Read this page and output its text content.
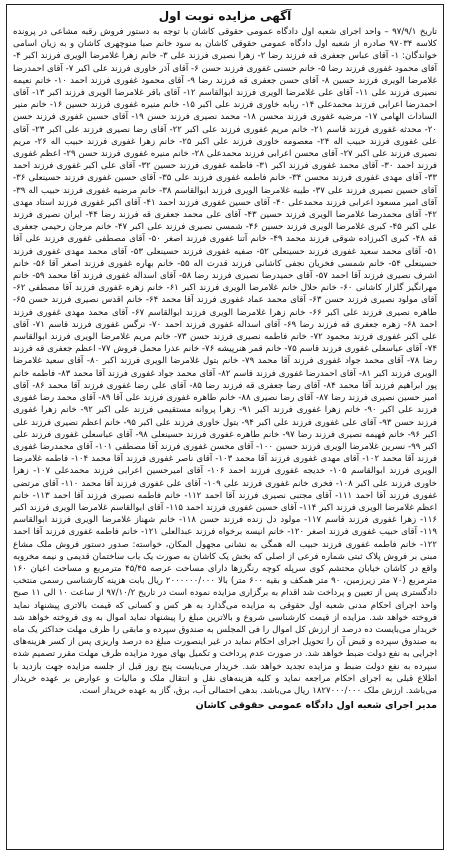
آگهی مزایده نوبت اول

تاریخ ۹۷/۹/۱ – واحد اجرای شعبه اول دادگاه عمومی حقوقی کاشان با توجه به دستور فروش رقبه مشاعی در پرونده کلاسه ۹۷۰۳۴ صادره از شعبه اول دادگاه عمومی حقوقی کاشان به سود خانم صبا منوچهری کاشان و به زیان اسامی خواندگان: ۱- آقای عباس جعفری قه فرزند رضا ۲- زهرا نصیری فرزند علی ۳- خانم زهرا غلامرضا الویری فرزند اکبر ۴- آقای محمود غفوری فرزند رضا ۵- خانم حسنی غفوری فرزند حسن ۶- آقای آذر خاوری فرزند علی اکبر ۷- آقای احمدرضا غلامرضا الویری فرزند حسین ۸- آقای حسن جعفری قه فرزند رضا ۹- آقای محمود غفوری فرزند احمد ۱۰- خانم نعیمه نصیری فرزند علی ۱۱- آقای علی غلامرضا الویری فرزند ابوالقاسم ۱۲- آقای باقر غلامرضا الویری فرزند اکبر ۱۳- آقای احمدرضا اعرابی فرزند محمدعلی ۱۴- ربابه خاوری فرزند علی اکبر ۱۵- خانم منیره غفوری فرزند حسین ۱۶- خانم منیر السادات الهامی ۱۷- مرضیه غفوری فرزند محسن ۱۸- محمد نصیری فرزند حسن ۱۹- آقای حسین غفوری فرزند حسن ۲۰- محدثه غفوری فرزند قاسم ۲۱- خانم مریم غفوری فرزند علی اکبر ۲۲- آقای رضا نصیری فرزند علی اکبر ۲۳- آقای علی غفوری فرزند حبیب اله ۲۴- معصومه خاوری فرزند علی اکبر ۲۵- خانم زهرا غفوری فرزند حبیب اله ۲۶- مریم نصیری فرزند علی اکبر ۲۷- آقای محسن اعرابی فرزند محمدعلی ۲۸- خانم منیره غفوری فرزند حسن ۲۹- اعظم غفوری فرزند احمد ۳۰- آقای محمد غفوری فرزند اکبر ۳۱- فاطمه غفوری فرزند حسین ۳۲- آقای علی اکبر غفوری فرزند احمد ۳۳- آقای مهدی غفوری فرزند محسن ۳۴- خانم فاطمه غفوری فرزند علی ۳۵- آقای حسین غفوری فرزند حسینعلی ۳۶- آقای حسین نصیری فرزند علی ۳۷- طیبه غلامرضا الویری فرزند ابوالقاسم ۳۸- خانم مرضیه غفوری فرزند حبیب اله ۳۹- آقای امیر مسعود اعرابی فرزند محمدعلی ۴۰- آقای حسین غفوری فرزند احمد ۴۱- آقای اکبر غفوری فرزند استاد مهدی ۴۲- آقای محمدرضا غلامرضا الویری فرزند حسین ۴۳- آقای علی محمد جعفری قه فرزند رضا ۴۴- ایران نصیری فرزند علی اکبر ۴۵- کبری غلامرضا الویری فرزند حسین ۴۶- شمسی نصیری فرزند علی اکبر ۴۷- خانم مرجان رحیمی جعفری قه ۴۸- کبری اکبرزاده شوقی فرزند محمد ۴۹- خانم آتنا غفوری فرزند اصغر ۵۰- آقای مصطفی غفوری فرزند علی آقا ۵۱- آقای محمد سعید غفوری فرزند حسینعلی ۵۲- صفیه غفوری فرزند حسینعلی ۵۳- آقای محمد مهدی غفوری فرزند حسینعلی ۵۴- خانم شمسی فخریان نجفی کاشانی فرزند قدرت اله ۵۵- خانم بهاره غفوری فرزند اصغر آقا ۵۶- خانم اشرف نصیری فرزند آقا احمد ۵۷- آقای حمیدرضا نصیری فرزند رضا ۵۸- آقای اسداله غفوری فرزند آقا محمد ۵۹- خانم مهرانگیز گلزار کاشانی ۶۰- خانم حلال خانم غلامرضا الویری فرزند اکبر ۶۱- خانم زهره غفوری فرزند آقا مصطفی ۶۲- آقای مولود نصیری فرزند حسن ۶۳- آقای محمد عماد غفوری فرزند آقا محمد ۶۴- خانم اقدس نصیری فرزند حسن ۶۵- طاهره نصیری فرزند علی اکبر ۶۶- خانم زهرا غلامرضا الویری فرزند ابوالقاسم ۶۷- آقای محمد مهدی غفوری فرزند احمد ۶۸- زهره جعفری قه فرزند رضا ۶۹- آقای اسداله غفوری فرزند احمد ۷۰- نرگس غفوری فرزند قاسم ۷۱- آقای علی اکبر غفوری فرزند محمود ۷۲- خانم فاطمه نصیری فرزند حسن ۷۳- خانم مریم غلامرضا الویری فرزند ابوالقاسم ۷۴- آقای عباسعلی غفوری فرزند قاسم ۷۵- خانم قمر هنرپیشه ۷۶- خانم عذرا محمل فروش ۷۷- اعظم جعفری قه فرزند رضا ۷۸- آقای محمد جواد غفوری فرزند آقا محمد ۷۹- خانم بتول غلامرضا الویری فرزند اکبر ۸۰- آقای سعید غلامرضا الویری فرزند اکبر ۸۱- آقای احمدرضا غفوری فرزند قاسم ۸۲- آقای محمد جواد غفوری فرزند آقا محمد ۸۳- فاطمه خانم پور ابراهیم فرزند آقا محمد ۸۴- آقای رضا جعفری قه فرزند رضا ۸۵- آقای علی رضا غفوری فرزند آقا محمد ۸۶- آقای امیر حسین نصیری فرزند رضا ۸۷- آقای رضا نصیری ۸۸- خانم طاهره غفوری فرزند علی آقا ۸۹- آقای محمد رضا غفوری فرزند علی اکبر ۹۰- خانم زهرا غفوری فرزند اکبر ۹۱- زهرا پروانه مستقیمی فرزند علی اکبر ۹۲- خانم زهرا غفوری فرزند حسن ۹۳- آقای علی غفوری فرزند علی اکبر ۹۴- بتول خاوری فرزند علی اکبر ۹۵- خانم اعظم نصیری فرزند علی اکبر ۹۶- خانم فهیمه نصیری فرزند رضا ۹۷- خانم طاهره غفوری فرزند حسینعلی ۹۸- آقای عباسعلی غفوری فرزند علی اکبر ۹۹- نسرین غلامرضا الویری فرزند حسین ۱۰۰- آقای محسن غفوری فرزند آقا مصطفی ۱۰۱- آقای محمدرضا غفوری فرزند آقا محمد ۱۰۲- آقای مهدی غفوری فرزند آقا محمد ۱۰۳- آقای ناصر غفوری فرزند آقا محمد ۱۰۴- فاطمه غلامرضا الویری فرزند ابوالقاسم ۱۰۵- خدیجه غفوری فرزند احمد ۱۰۶- آقای امیرحسین اعرابی فرزند محمدعلی ۱۰۷- زهرا خاوری فرزند علی اکبر ۱۰۸- فخری خانم غفوری فرزند علی ۱۰۹- آقای علی غفوری فرزند آقا محمد ۱۱۰- آقای مرتضی غفوری فرزند آقا احمد ۱۱۱- آقای مجتبی نصیری فرزند آقا احمد ۱۱۲- خانم فاطمه نصیری فرزند آقا احمد ۱۱۳- خانم اعظم غلامرضا الویری فرزند اکبر ۱۱۴- آقای حسین غفوری فرزند احمد ۱۱۵- آقای ابوالقاسم غلامرضا الویری فرزند اکبر ۱۱۶- زهرا غفوری فرزند قاسم ۱۱۷- مولود دل زنده فرزند حسن ۱۱۸- خانم شهناز غلامرضا الویری فرزند ابوالقاسم ۱۱۹- آقای حبیب غفوری فرزند اصغر ۱۲۰- خانم انیسه برخواه فرزند عبدالعلی ۱۲۱- خانم فاطمه غفوری فرزند آقا احمد ۱۲۲- خانم فاطمه غفوری فرزند حبیب اله همگی به نشانی مجهول المکان، خواسته: صدور دستور فروش ملک مشاع مبنی بر فروش پلاک ثبتی شماره فرعی از اصلی که بخش یک کاشان به صورت یک باب ساختمان قدیمی و نیمه مخروبه واقع در کاشان خیابان محتشم کوی سرپله کوچه رنگرزها دارای مساحت عرصه ۴۵/۴۵ مترمربع و مساحت اعیان ۱۶۰ مترمربع (۷۰ متر زیرزمین، ۹۰ متر همکف و بقیه ۶۰۰ متر) بالا ۲۰۰۰۰۰۰/۰۰۰ ریال بابت هزینه کارشناسی رسمی منتخب دادگستری پس از تعیین و پرداخت شد اقدام به برگزاری مزایده نموده است در تاریخ ۹۷/۱۰/۲ از ساعت ۱۰ الی ۱۱ صبح واحد اجرای احکام مدنی شعبه اول حقوقی به مزایده می‌گذارد به هر کس و کسانی که قیمت بالاتری پیشنهاد نماید فروخته خواهد شد. مزایده از قیمت کارشناسی شروع و بالاترین مبلغ را پیشنهاد نماید اموال به وی فروخته خواهد شد خریدار می‌بایست ده درصد از ارزش کل اموال را فی المجلس به صندوق سپرده و مابقی را ظرف مهلت حداکثر یک ماه به صندوق سپرده و قبض آن را تحویل اجرای احکام نماید در غیر اینصورت مبلغ ده درصد واریزی پس از کسر هزینه‌های اجرایی به نفع دولت ضبط خواهد شد. در صورت عدم پرداخت و تکمیل بهای مورد مزایده ظرف مهلت مقرر تصمیم شده سپرده به نفع دولت ضبط و مزایده تجدید خواهد شد. خریدار می‌بایست پنج روز قبل از جلسه مزایده جهت بازدید با اطلاع قبلی به اجرای احکام مراجعه نماید و کلیه هزینه‌های نقل و انتقال ملک و مالیات و عوارض بر عهده خریدار می‌باشد. ارزش ملک ۱۸۲۷۰۰۰/۰۰۰ ریال می‌باشد. بدهی احتمالی آب، برق، گاز به عهده خریدار است.

مدیر اجرای شعبه اول دادگاه عمومی حقوقی کاشان
